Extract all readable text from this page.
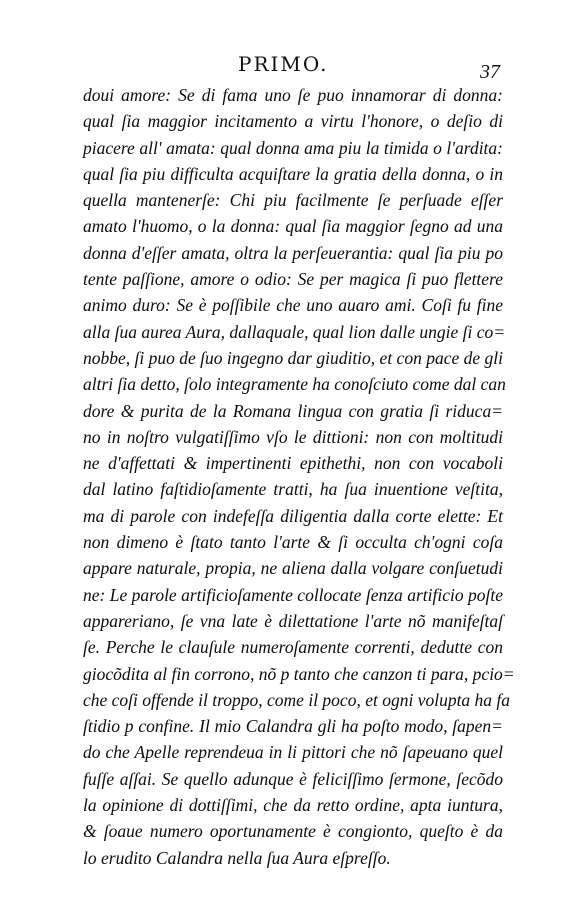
PRIMO.	37
doui amore: Se di fama uno ſe puo innamorar di donna:
qual ſia maggior incitamento a virtu l'honore, o deſio di
piacere all' amata: qual donna ama piu la timida o l'ardita:
qual ſia piu difficulta acquiſtare la gratia della donna, o in
quella mantenerſe: Chi piu facilmente ſe perſuade eſſer
amato l'huomo, o la donna: qual ſia maggior ſegno ad una
donna d'eſſer amata, oltra la perſeuerantia: qual ſia piu po
tente paſſione, amore o odio: Se per magica ſi puo flettere
animo duro: Se è poſſibile che uno auaro ami. Coſi fu fine
alla ſua aurea Aura, dallaquale, qual lion dalle ungie ſi co=
nobbe, ſi puo de ſuo ingegno dar giuditio, et con pace de gli
altri ſia detto, ſolo integramente ha conoſciuto come dal can
dore & purita de la Romana lingua con gratia ſi riduca=
no in noſtro vulgatiſſimo vſo le dittioni: non con moltitudi
ne d'affettati & impertinenti epithethi, non con vocaboli
dal latino faſtidioſamente tratti, ha ſua inuentione veſtita,
ma di parole con indefeſſa diligentia dalla corte elette: Et
non dimeno è ſtato tanto l'arte & ſi occulta ch'ogni coſa
appare naturale, propia, ne aliena dalla volgare conſuetudi
ne: Le parole artificioſamente collocate ſenza artificio poſte
appareriano, ſe vna late è dilettatione l'arte nõ manifeſtaſ
ſe. Perche le clauſule numeroſamente correnti, dedutte con
giocõdita al fin corrono, nõ p tanto che canzon ti para, pcio=
che coſi offende il troppo, come il poco, et ogni volupta ha fa
ſtidio p confine. Il mio Calandra gli ha poſto modo, ſapen=
do che Apelle reprendeua in li pittori che nõ ſapeuano quel
fuſſe aſſai. Se quello adunque è feliciſſimo ſermone, ſecõdo
la opinione di dottiſſimi, che da retto ordine, apta iuntura,
& ſoaue numero oportunamente è congionto, queſto è da
lo erudito Calandra nella ſua Aura eſpreſſo.
